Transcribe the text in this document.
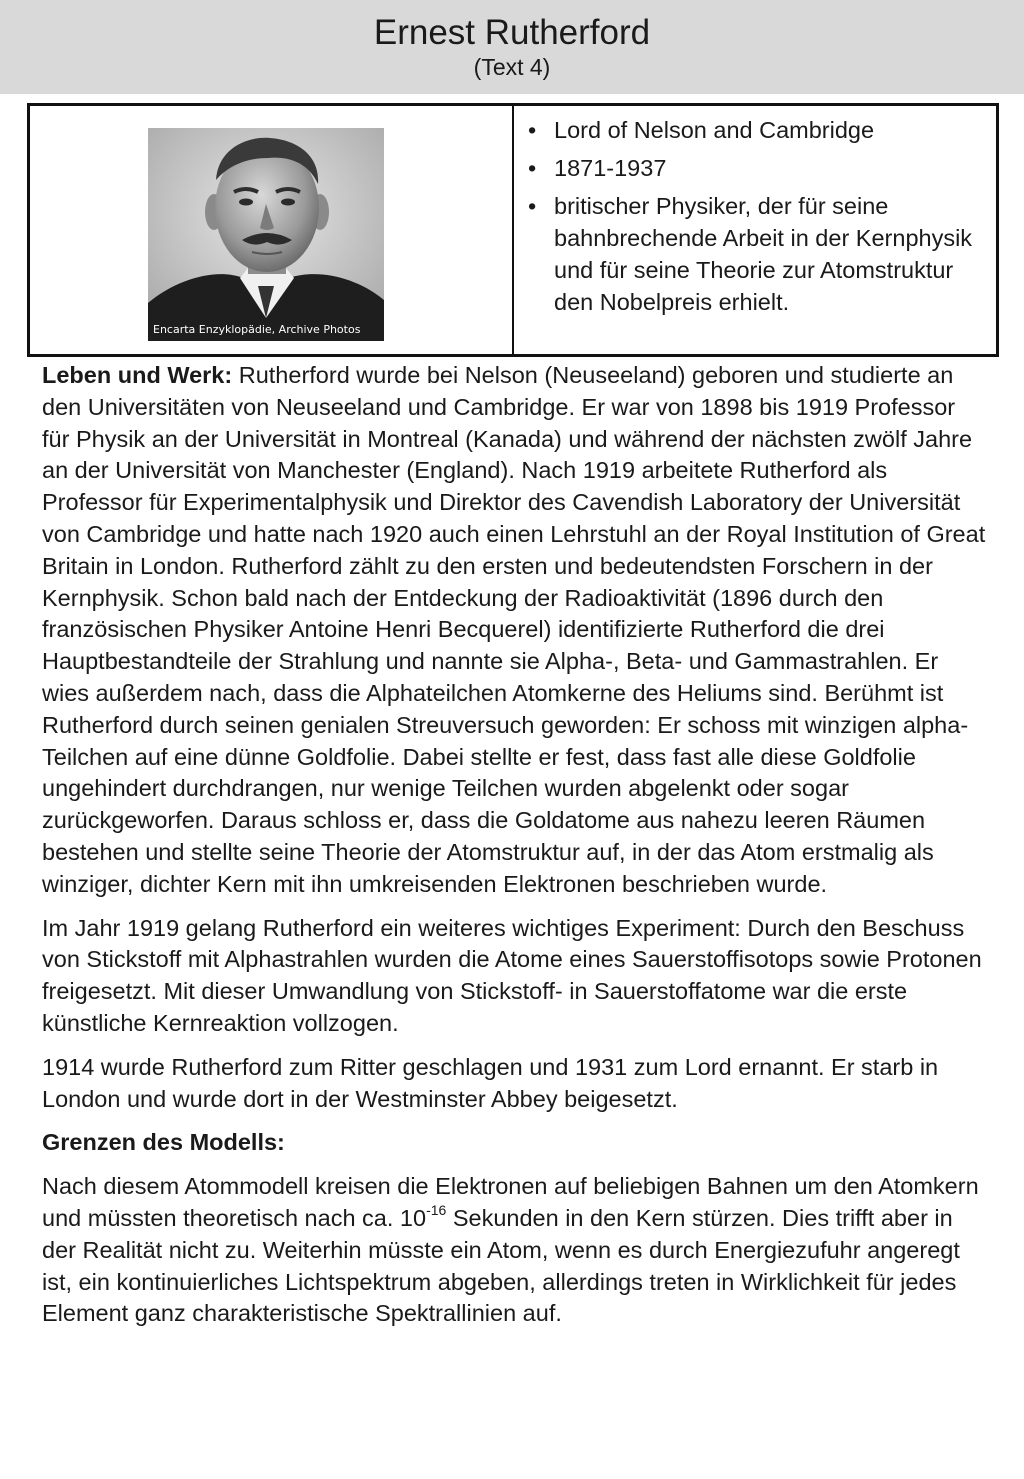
Ernest Rutherford
(Text 4)
Encarta Enzyklopädie, Archive Photos
• Lord of Nelson and Cambridge
• 1871-1937
• britischer Physiker, der für seine bahnbrechende Arbeit in der Kernphysik und für seine Theorie zur Atomstruktur den Nobelpreis erhielt.

Leben und Werk: Rutherford wurde bei Nelson (Neuseeland) geboren und studierte an den Universitäten von Neuseeland und Cambridge. Er war von 1898 bis 1919 Professor für Physik an der Universität in Montreal (Kanada) und während der nächsten zwölf Jahre an der Universität von Manchester (England). Nach 1919 arbeitete Rutherford als Professor für Experimentalphysik und Direktor des Cavendish Laboratory der Universität von Cambridge und hatte nach 1920 auch einen Lehrstuhl an der Royal Institution of Great Britain in London. Rutherford zählt zu den ersten und bedeutendsten Forschern in der Kernphysik. Schon bald nach der Entdeckung der Radioaktivität (1896 durch den französischen Physiker Antoine Henri Becquerel) identifizierte Rutherford die drei Hauptbestandteile der Strahlung und nannte sie Alpha-, Beta- und Gammastrahlen. Er wies außerdem nach, dass die Alphateilchen Atomkerne des Heliums sind. Berühmt ist Rutherford durch seinen genialen Streuversuch geworden: Er schoss mit winzigen alpha-Teilchen auf eine dünne Goldfolie. Dabei stellte er fest, dass fast alle diese Goldfolie ungehindert durchdrangen, nur wenige Teilchen wurden abgelenkt oder sogar zurückgeworfen. Daraus schloss er, dass die Goldatome aus nahezu leeren Räumen bestehen und stellte seine Theorie der Atomstruktur auf, in der das Atom erstmalig als winziger, dichter Kern mit ihn umkreisenden Elektronen beschrieben wurde.

Im Jahr 1919 gelang Rutherford ein weiteres wichtiges Experiment: Durch den Beschuss von Stickstoff mit Alphastrahlen wurden die Atome eines Sauerstoffisotops sowie Protonen freigesetzt. Mit dieser Umwandlung von Stickstoff- in Sauerstoffatome war die erste künstliche Kernreaktion vollzogen.

1914 wurde Rutherford zum Ritter geschlagen und 1931 zum Lord ernannt. Er starb in London und wurde dort in der Westminster Abbey beigesetzt.

Grenzen des Modells:

Nach diesem Atommodell kreisen die Elektronen auf beliebigen Bahnen um den Atomkern und müssten theoretisch nach ca. $10^{-16}$ Sekunden in den Kern stürzen. Dies trifft aber in der Realität nicht zu. Weiterhin müsste ein Atom, wenn es durch Energiezufuhr angeregt ist, ein kontinuierliches Lichtspektrum abgeben, allerdings treten in Wirklichkeit für jedes Element ganz charakteristische Spektrallinien auf.
